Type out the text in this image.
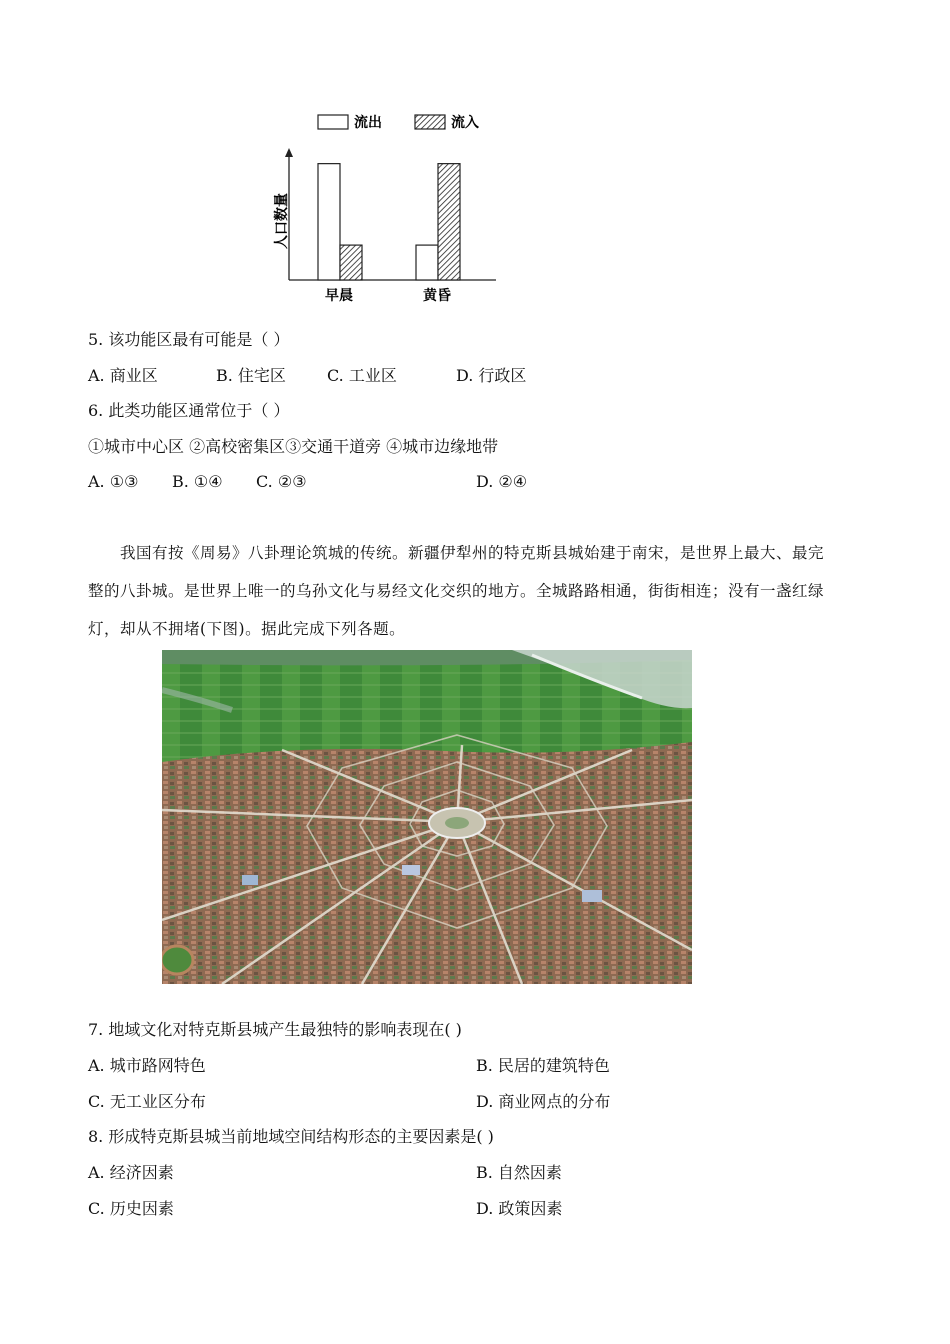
流出	流入
人口数量
早晨	黄昏
5. 该功能区最有可能是（ ）
A. 商业区	B. 住宅区	C. 工业区	D. 行政区
6. 此类功能区通常位于（ ）
①城市中心区 ②高校密集区③交通干道旁 ④城市边缘地带
A. ①③ B. ①④ C. ②③	D. ②④
我国有按《周易》八卦理论筑城的传统。新疆伊犁州的特克斯县城始建于南宋，是世界上最大、最完
整的八卦城。是世界上唯一的乌孙文化与易经文化交织的地方。全城路路相通，街街相连；没有一盏红绿
灯，却从不拥堵(下图)。据此完成下列各题。
7. 地域文化对特克斯县城产生最独特的影响表现在( )
A. 城市路网特色	B. 民居的建筑特色
C. 无工业区分布	D. 商业网点的分布
8. 形成特克斯县城当前地域空间结构形态的主要因素是( )
A. 经济因素	B. 自然因素
C. 历史因素	D. 政策因素
